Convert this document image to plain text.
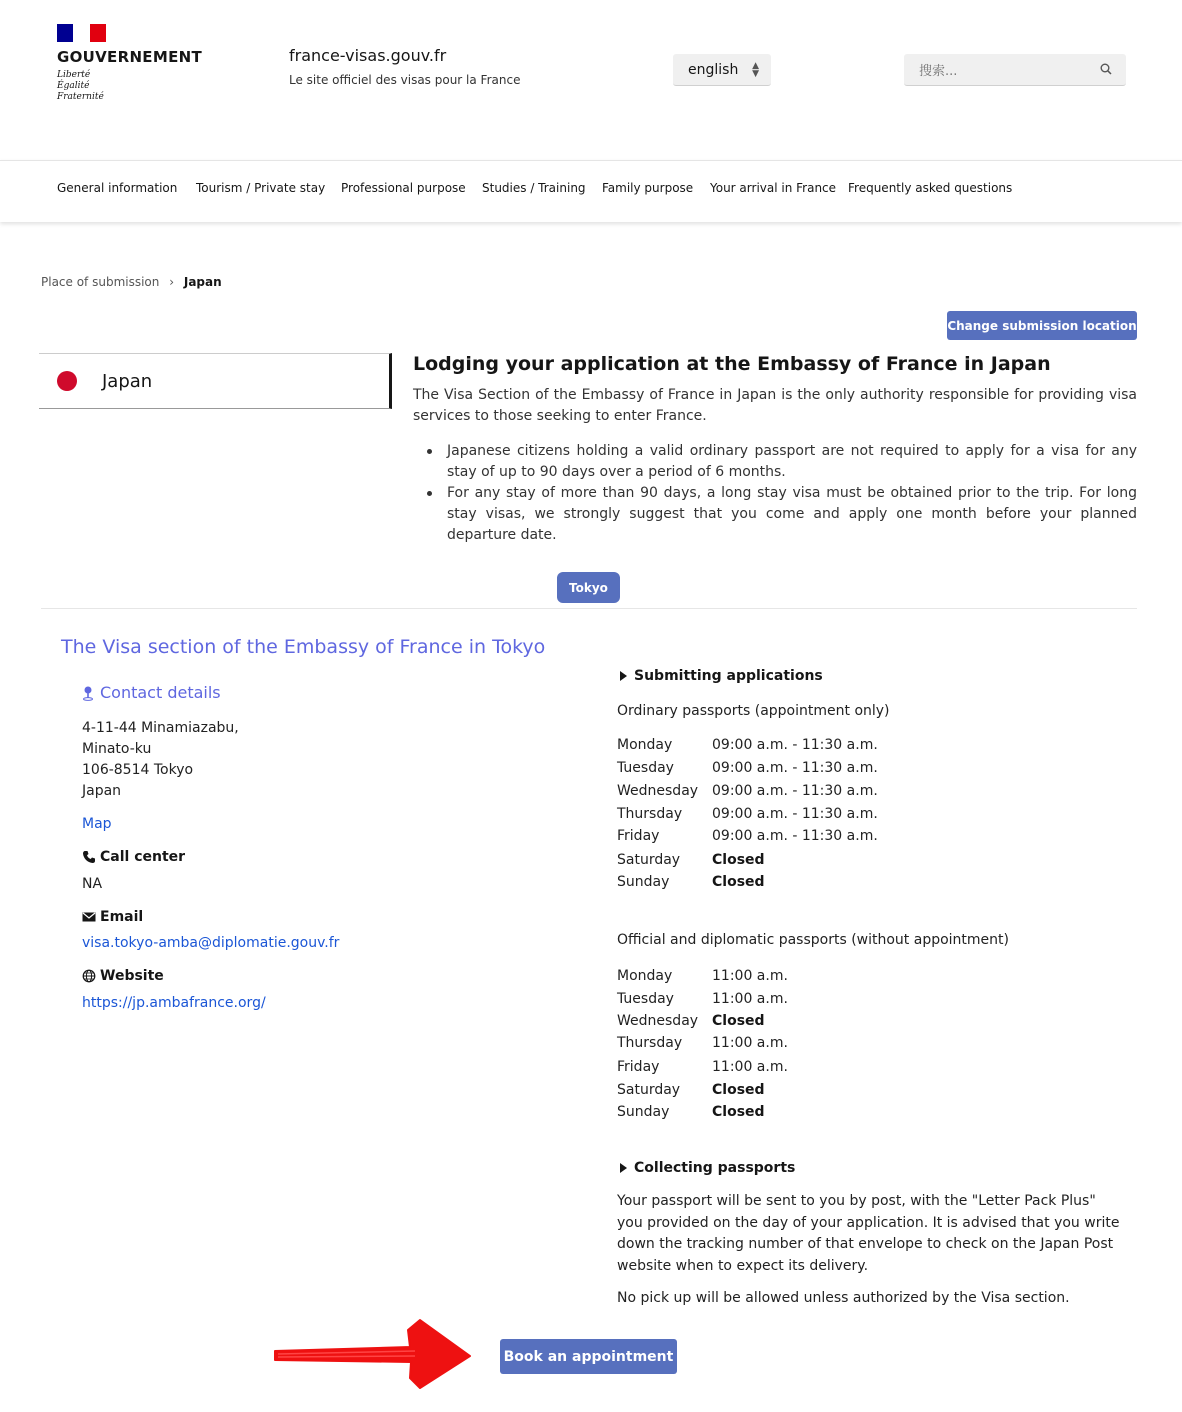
GOUVERNEMENT
Liberté
Égalité
Fraternité
france-visas.gouv.fr
Le site officiel des visas pour la France
english ▲
▼	搜索...
General information Tourism / Private stay Professional purpose Studies / Training Family purpose Your arrival in France Frequently asked questions
Place of submission › Japan
Change submission location
Japan
Lodging your application at the Embassy of France in Japan
The Visa Section of the Embassy of France in Japan is the only authority responsible for providing visa services to those seeking to enter France.
Japanese citizens holding a valid ordinary passport are not required to apply for a visa for any stay of up to 90 days over a period of 6 months.
For any stay of more than 90 days, a long stay visa must be obtained prior to the trip. For long stay visas, we strongly suggest that you come and apply one month before your planned departure date.
Tokyo
The Visa section of the Embassy of France in Tokyo
Contact details
4-11-44 Minamiazabu,
Minato-ku
106-8514 Tokyo
Japan
Map
Call center
NA
Email
visa.tokyo-amba@diplomatie.gouv.fr
Website
https://jp.ambafrance.org/
Submitting applications
Ordinary passports (appointment only)
Monday	09:00 a.m. - 11:30 a.m.
Tuesday	09:00 a.m. - 11:30 a.m.
Wednesday 09:00 a.m. - 11:30 a.m.
Thursday 09:00 a.m. - 11:30 a.m.
Friday	09:00 a.m. - 11:30 a.m.
Saturday Closed
Sunday	Closed
Official and diplomatic passports (without appointment)
Monday	11:00 a.m.
Tuesday	11:00 a.m.
Wednesday Closed
Thursday 11:00 a.m.
Friday	11:00 a.m.
Saturday Closed
Sunday	Closed
Collecting passports
Your passport will be sent to you by post, with the "Letter Pack Plus" you provided on the day of your application. It is advised that you write down the tracking number of that envelope to check on the Japan Post website when to expect its delivery.
No pick up will be allowed unless authorized by the Visa section.
Book an appointment
